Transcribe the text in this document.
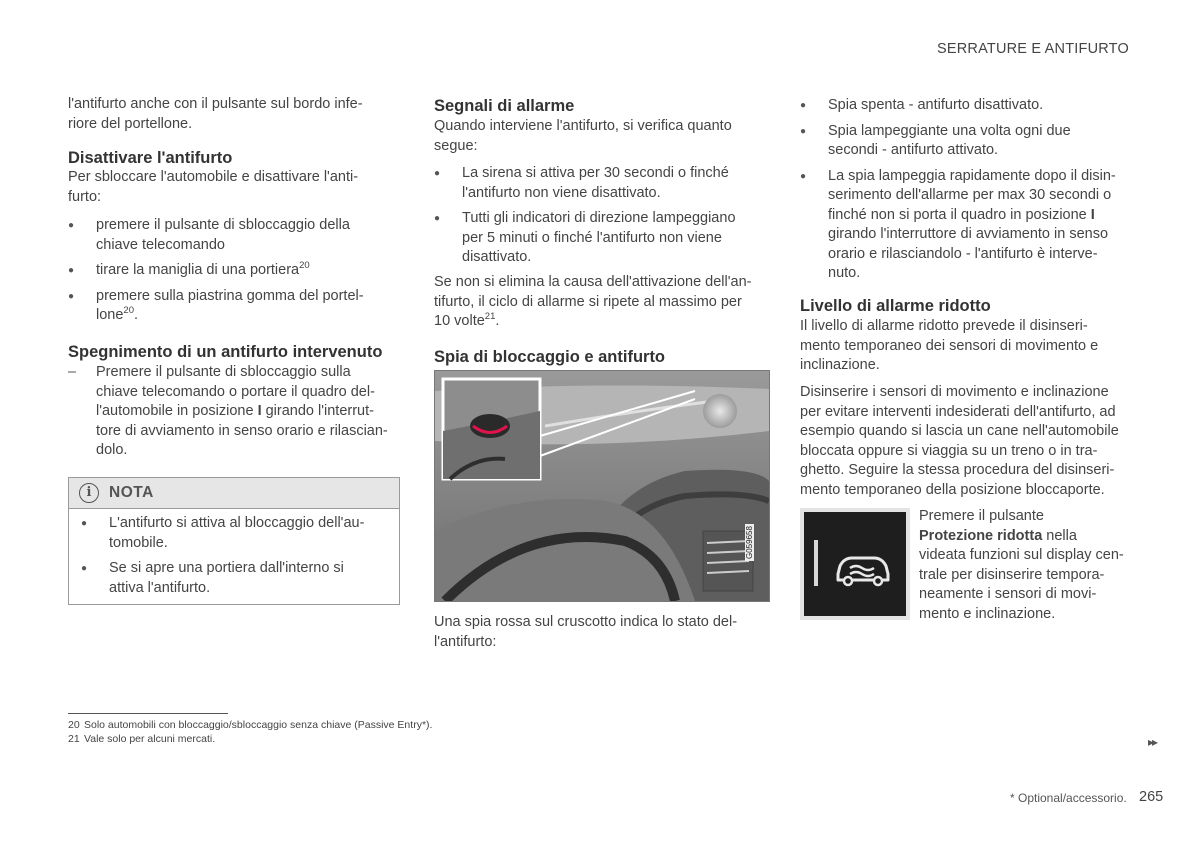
SERRATURE E ANTIFURTO

l'antifurto anche con il pulsante sul bordo infe-

riore del portellone.

Disattivare l'antifurto

Per sbloccare l'automobile e disattivare l'anti-

furto:

● premere il pulsante di sbloccaggio della
chiave telecomando
● tirare la maniglia di una portiera$^{20}$
● premere sulla piastrina gomma del portel-
lone$^{20}$.
Spegnimento di un antifurto intervenuto
– Premere il pulsante di sbloccaggio sulla
chiave telecomando o portare il quadro del-
l'automobile in posizione I girando l'interrut-
tore di avviamento in senso orario e rilascian-
dolo.
i	NOTA
● L'antifurto si attiva al bloccaggio dell'au-
tomobile.
● Se si apre una portiera dall'interno si
attiva l'antifurto.
Segnali di allarme

Quando interviene l'antifurto, si verifica quanto

segue:

● La sirena si attiva per 30 secondi o finché
l'antifurto non viene disattivato.
● Tutti gli indicatori di direzione lampeggiano
per 5 minuti o finché l'antifurto non viene
disattivato.

Se non si elimina la causa dell'attivazione dell'an-

tifurto, il ciclo di allarme si ripete al massimo per

10 volte$^{21}$.

Spia di bloccaggio e antifurto
G059658

Una spia rossa sul cruscotto indica lo stato del-

l'antifurto:

● Spia spenta - antifurto disattivato.
● Spia lampeggiante una volta ogni due
secondi - antifurto attivato.
● La spia lampeggia rapidamente dopo il disin-
serimento dell'allarme per max 30 secondi o
finché non si porta il quadro in posizione I
girando l'interruttore di avviamento in senso
orario e rilasciandolo - l'antifurto è interve-
nuto.
Livello di allarme ridotto

Il livello di allarme ridotto prevede il disinseri-

mento temporaneo dei sensori di movimento e

inclinazione.

Disinserire i sensori di movimento e inclinazione

per evitare interventi indesiderati dell'antifurto, ad

esempio quando si lascia un cane nell'automobile

bloccata oppure si viaggia su un treno o in tra-

ghetto. Seguire la stessa procedura del disinseri-

mento temporaneo della posizione bloccaporte.

Premere il pulsante

Protezione ridotta nella

videata funzioni sul display cen-

trale per disinserire tempora-

neamente i sensori di movi-

mento e inclinazione.

20 Solo automobili con bloccaggio/sbloccaggio senza chiave (Passive Entry*).
21 Vale solo per alcuni mercati.	▸▸
* Optional/accessorio. 265
